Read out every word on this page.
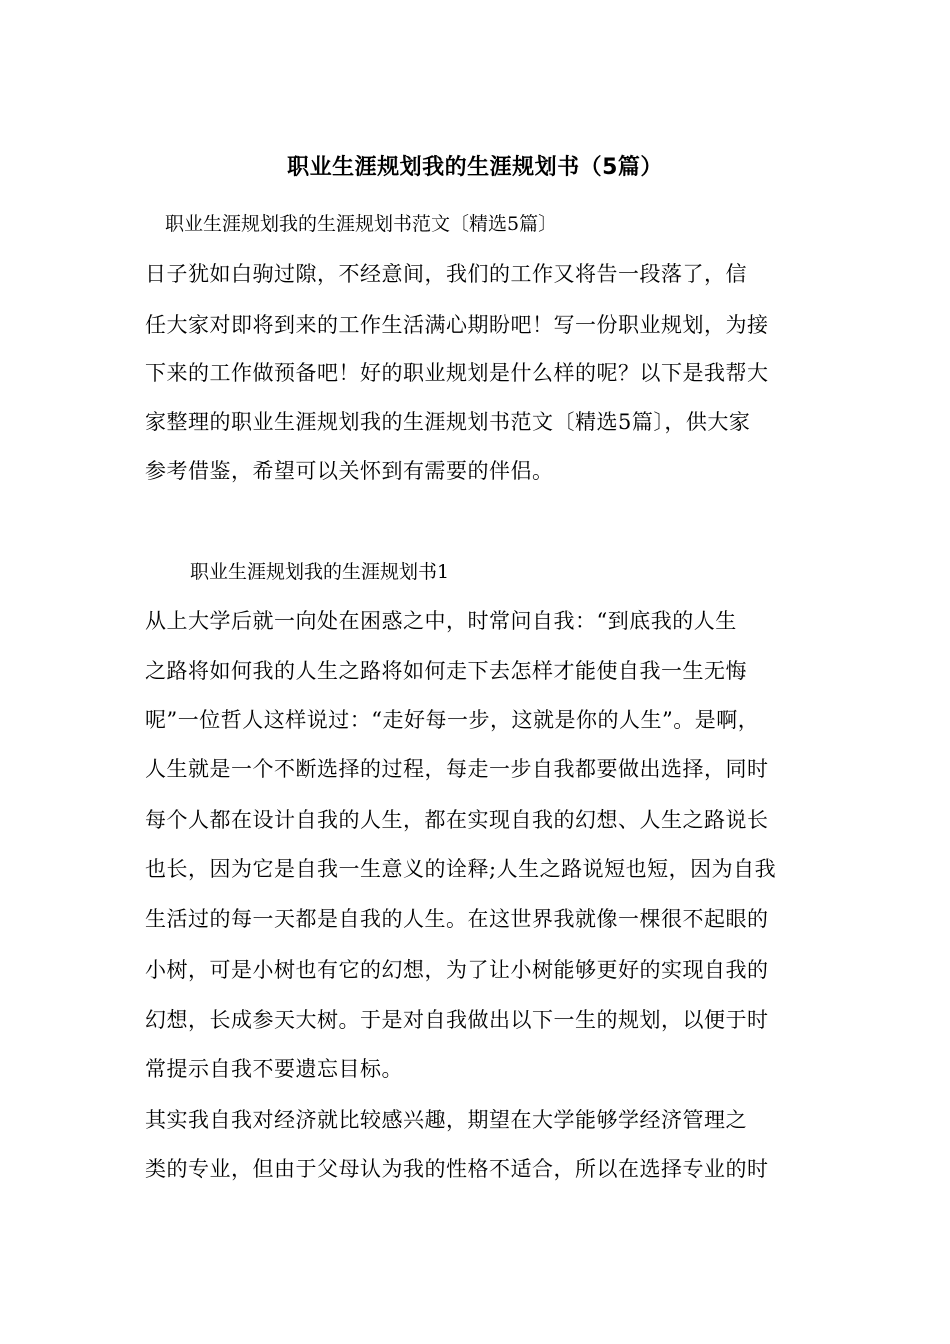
职业生涯规划我的生涯规划书（5篇）
职业生涯规划我的生涯规划书范文〔精选5篇〕
日子犹如白驹过隙，不经意间，我们的工作又将告一段落了，信
任大家对即将到来的工作生活满心期盼吧！写一份职业规划，为接
下来的工作做预备吧！好的职业规划是什么样的呢？以下是我帮大
家整理的职业生涯规划我的生涯规划书范文〔精选5篇〕，供大家
参考借鉴，希望可以关怀到有需要的伴侣。
职业生涯规划我的生涯规划书1
从上大学后就一向处在困惑之中，时常问自我：“到底我的人生
之路将如何我的人生之路将如何走下去怎样才能使自我一生无悔
呢”一位哲人这样说过：“走好每一步，这就是你的人生”。是啊，
人生就是一个不断选择的过程，每走一步自我都要做出选择，同时
每个人都在设计自我的人生，都在实现自我的幻想、人生之路说长
也长，因为它是自我一生意义的诠释;人生之路说短也短，因为自我
生活过的每一天都是自我的人生。在这世界我就像一棵很不起眼的
小树，可是小树也有它的幻想，为了让小树能够更好的实现自我的
幻想，长成参天大树。于是对自我做出以下一生的规划，以便于时
常提示自我不要遗忘目标。
其实我自我对经济就比较感兴趣，期望在大学能够学经济管理之
类的专业，但由于父母认为我的性格不适合，所以在选择专业的时
